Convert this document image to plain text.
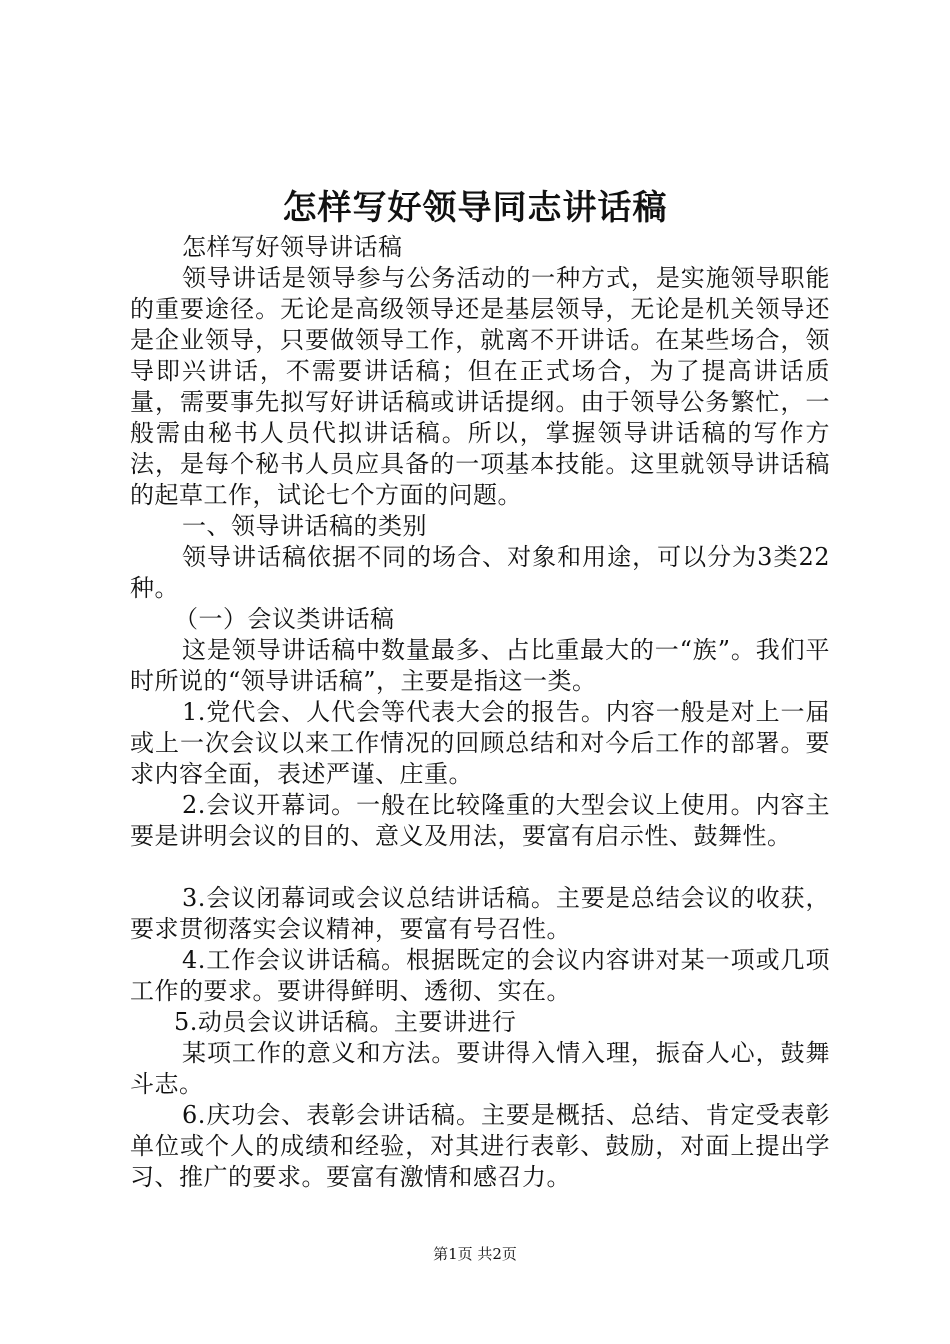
怎样写好领导同志讲话稿

怎样写好领导讲话稿

领导讲话是领导参与公务活动的一种方式，是实施领导职能的重要途径。无论是高级领导还是基层领导，无论是机关领导还是企业领导，只要做领导工作，就离不开讲话。在某些场合，领导即兴讲话，不需要讲话稿；但在正式场合，为了提高讲话质量，需要事先拟写好讲话稿或讲话提纲。由于领导公务繁忙，一般需由秘书人员代拟讲话稿。所以，掌握领导讲话稿的写作方法，是每个秘书人员应具备的一项基本技能。这里就领导讲话稿的起草工作，试论七个方面的问题。

一、领导讲话稿的类别

领导讲话稿依据不同的场合、对象和用途，可以分为3类22种。

（一）会议类讲话稿

这是领导讲话稿中数量最多、占比重最大的一“族”。我们平时所说的“领导讲话稿”，主要是指这一类。

1.党代会、人代会等代表大会的报告。内容一般是对上一届或上一次会议以来工作情况的回顾总结和对今后工作的部署。要求内容全面，表述严谨、庄重。

2.会议开幕词。一般在比较隆重的大型会议上使用。内容主要是讲明会议的目的、意义及用法，要富有启示性、鼓舞性。

3.会议闭幕词或会议总结讲话稿。主要是总结会议的收获，要求贯彻落实会议精神，要富有号召性。

4.工作会议讲话稿。根据既定的会议内容讲对某一项或几项工作的要求。要讲得鲜明、透彻、实在。

5.动员会议讲话稿。主要讲进行

某项工作的意义和方法。要讲得入情入理，振奋人心，鼓舞斗志。

6.庆功会、表彰会讲话稿。主要是概括、总结、肯定受表彰单位或个人的成绩和经验，对其进行表彰、鼓励，对面上提出学习、推广的要求。要富有激情和感召力。

第1页 共2页
